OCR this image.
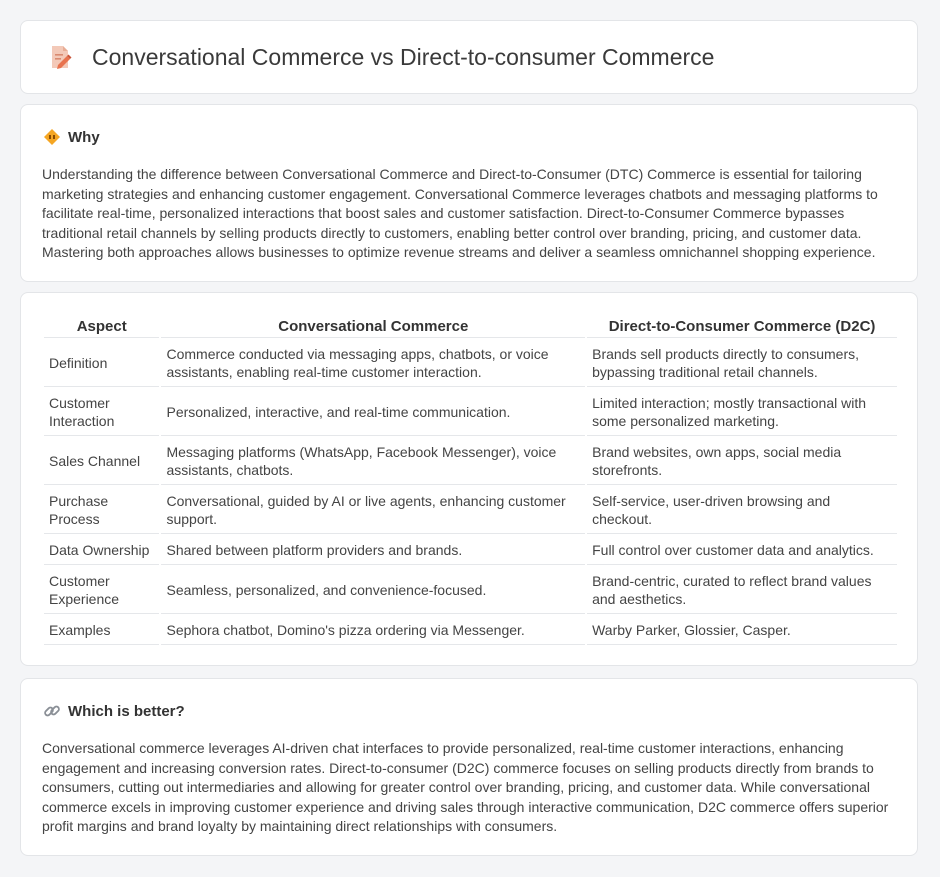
Conversational Commerce vs Direct-to-consumer Commerce
Why

Understanding the difference between Conversational Commerce and Direct-to-Consumer (DTC) Commerce is essential for tailoring marketing strategies and enhancing customer engagement. Conversational Commerce leverages chatbots and messaging platforms to facilitate real-time, personalized interactions that boost sales and customer satisfaction. Direct-to-Consumer Commerce bypasses traditional retail channels by selling products directly to customers, enabling better control over branding, pricing, and customer data. Mastering both approaches allows businesses to optimize revenue streams and deliver a seamless omnichannel shopping experience.

Aspect	Conversational Commerce	Direct-to-Consumer Commerce (D2C)
Definition	Commerce conducted via messaging apps, chatbots, or voice assistants, enabling real-time customer interaction.	Brands sell products directly to consumers, bypassing traditional retail channels.
Customer Interaction	Personalized, interactive, and real-time communication.	Limited interaction; mostly transactional with some personalized marketing.
Sales Channel	Messaging platforms (WhatsApp, Facebook Messenger), voice assistants, chatbots.	Brand websites, own apps, social media storefronts.
Purchase Process	Conversational, guided by AI or live agents, enhancing customer support.	Self-service, user-driven browsing and checkout.
Data Ownership	Shared between platform providers and brands.	Full control over customer data and analytics.
Customer Experience	Seamless, personalized, and convenience-focused.	Brand-centric, curated to reflect brand values and aesthetics.
Examples	Sephora chatbot, Domino's pizza ordering via Messenger.	Warby Parker, Glossier, Casper.
Which is better?

Conversational commerce leverages AI-driven chat interfaces to provide personalized, real-time customer interactions, enhancing engagement and increasing conversion rates. Direct-to-consumer (D2C) commerce focuses on selling products directly from brands to consumers, cutting out intermediaries and allowing for greater control over branding, pricing, and customer data. While conversational commerce excels in improving customer experience and driving sales through interactive communication, D2C commerce offers superior profit margins and brand loyalty by maintaining direct relationships with consumers.
